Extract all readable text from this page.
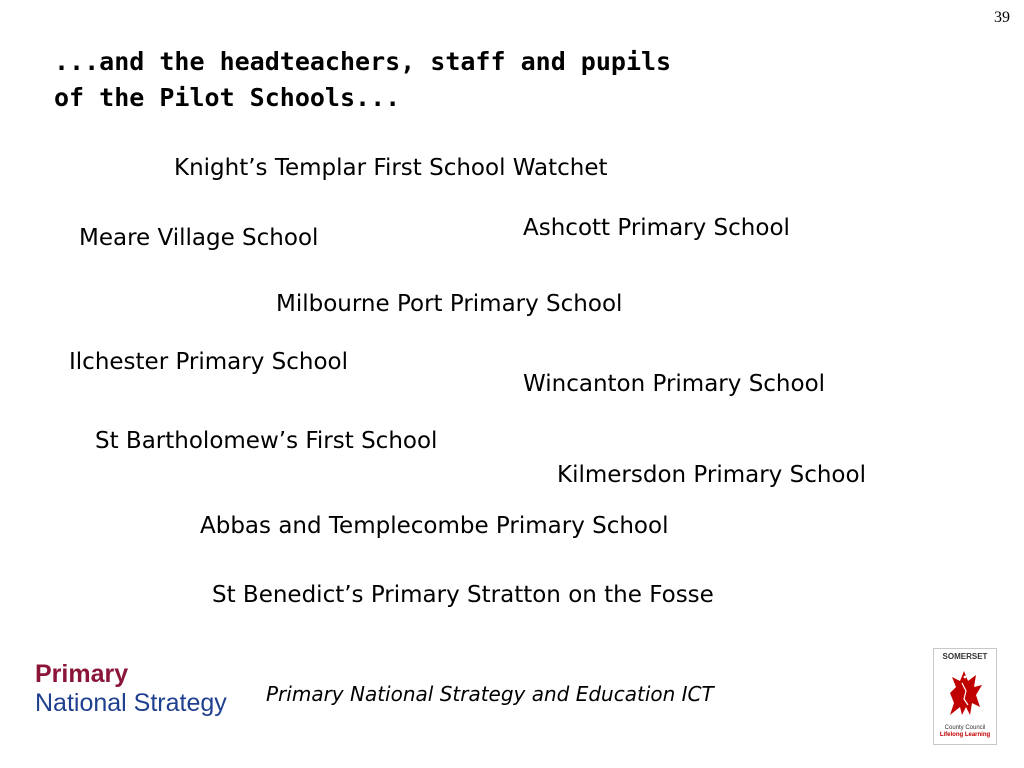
39
...and the headteachers, staff and pupils
of the Pilot Schools...
Knight’s Templar First School Watchet
Ashcott Primary School
Meare Village School
Milbourne Port Primary School
Ilchester Primary School
Wincanton Primary School
St Bartholomew’s First School
Kilmersdon Primary School
Abbas and Templecombe Primary School
St Benedict’s Primary Stratton on the Fosse
Primary
National Strategy Primary National Strategy and Education ICT
SOMERSET
County Council
Lifelong Learning
